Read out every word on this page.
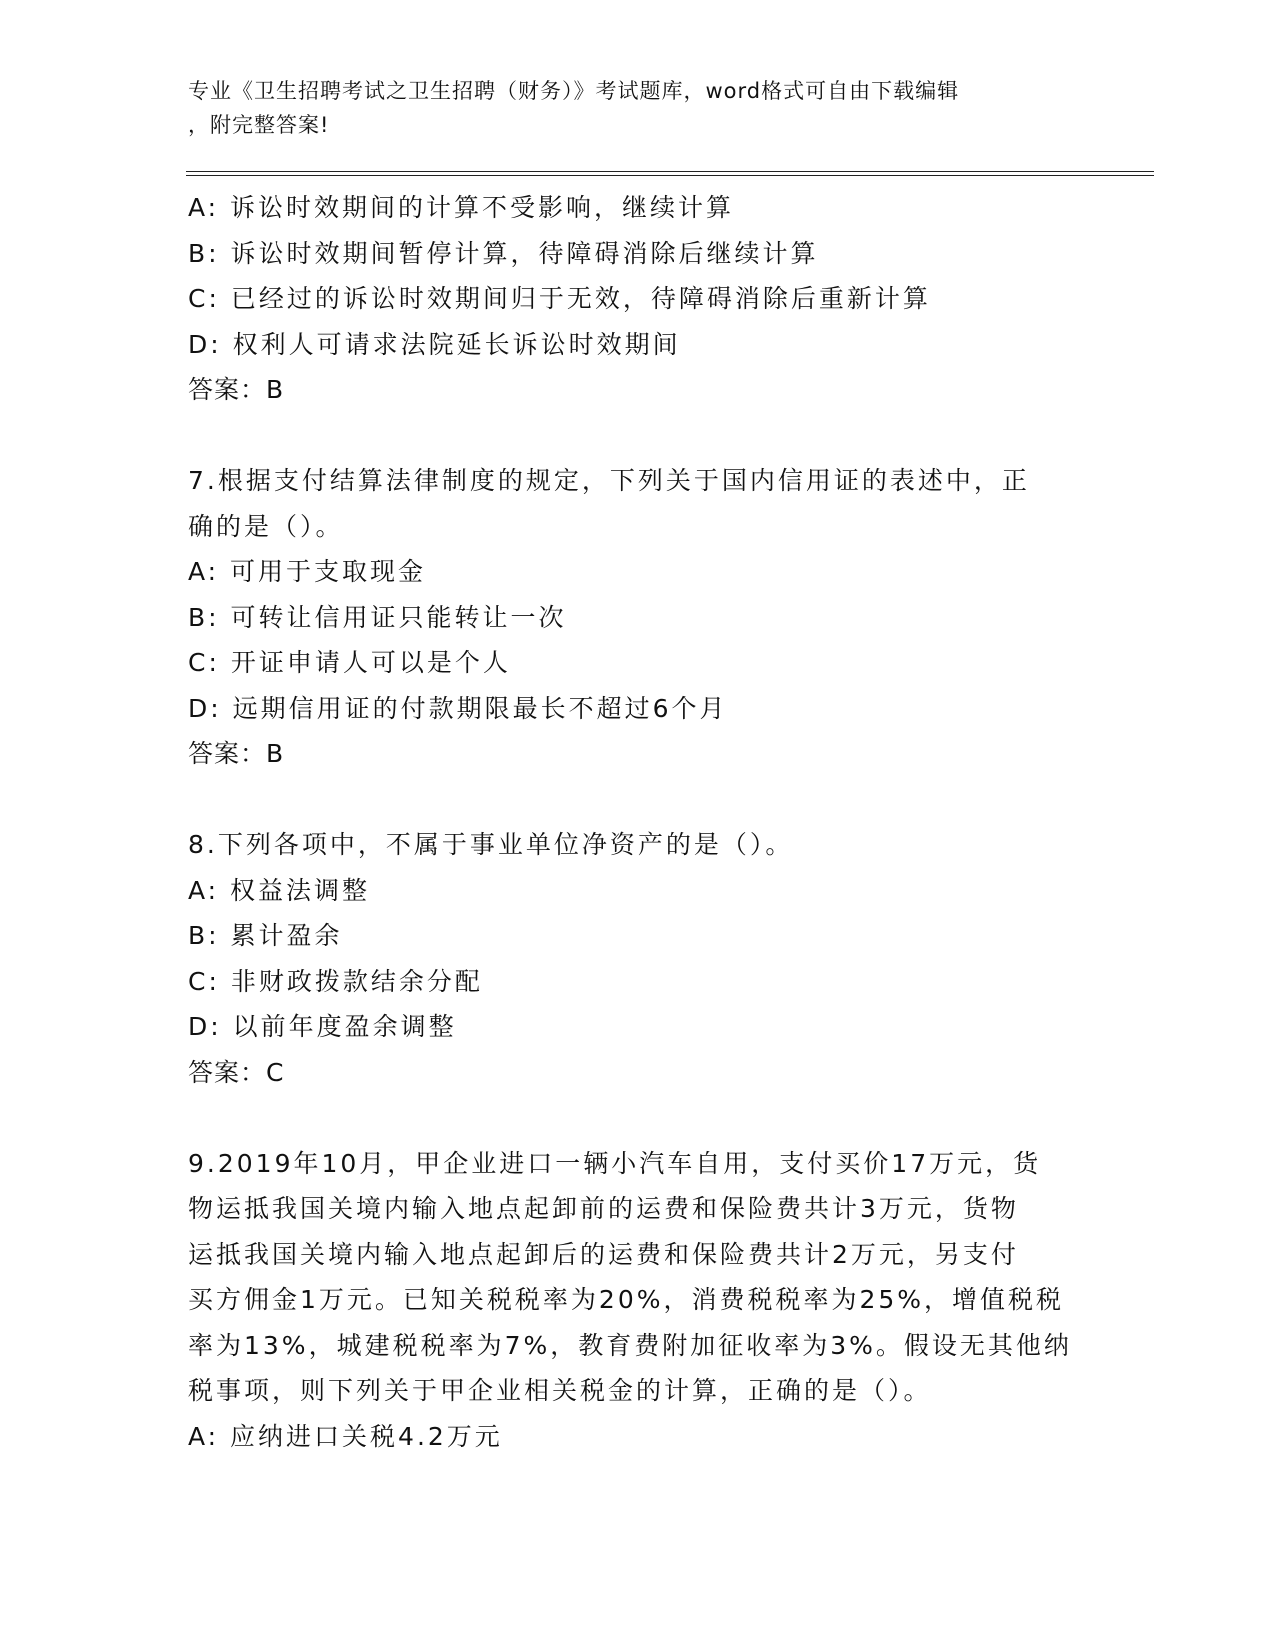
专业《卫生招聘考试之卫生招聘（财务）》考试题库，word格式可自由下载编辑
，附完整答案!
A: 诉讼时效期间的计算不受影响，继续计算
B: 诉讼时效期间暂停计算，待障碍消除后继续计算
C: 已经过的诉讼时效期间归于无效，待障碍消除后重新计算
D: 权利人可请求法院延长诉讼时效期间
答案：B
7.根据支付结算法律制度的规定，下列关于国内信用证的表述中，正
确的是（）。
A: 可用于支取现金
B: 可转让信用证只能转让一次
C: 开证申请人可以是个人
D: 远期信用证的付款期限最长不超过6个月
答案：B
8.下列各项中，不属于事业单位净资产的是（）。
A: 权益法调整
B: 累计盈余
C: 非财政拨款结余分配
D: 以前年度盈余调整
答案：C
9.2019年10月，甲企业进口一辆小汽车自用，支付买价17万元，货
物运抵我国关境内输入地点起卸前的运费和保险费共计3万元，货物
运抵我国关境内输入地点起卸后的运费和保险费共计2万元，另支付
买方佣金1万元。已知关税税率为20%，消费税税率为25%，增值税税
率为13%，城建税税率为7%，教育费附加征收率为3%。假设无其他纳
税事项，则下列关于甲企业相关税金的计算，正确的是（）。
A: 应纳进口关税4.2万元
